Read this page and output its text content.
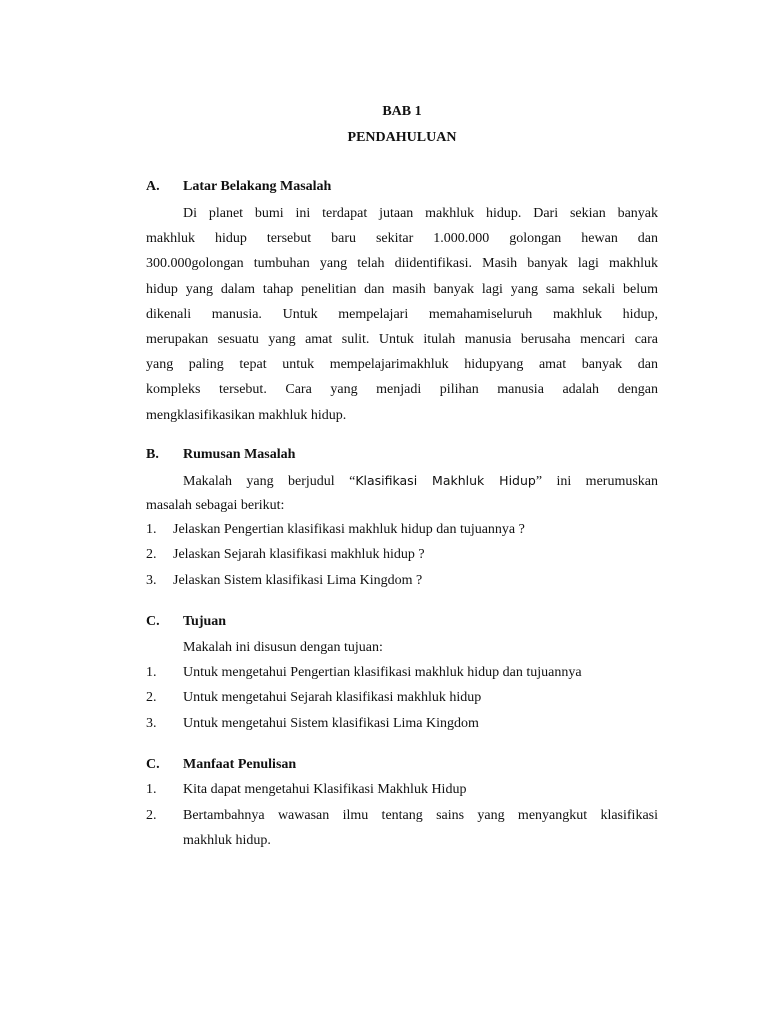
BAB 1
PENDAHULUAN
A. Latar Belakang Masalah
Di planet bumi ini terdapat jutaan makhluk hidup. Dari sekian banyak
makhluk hidup tersebut baru sekitar 1.000.000 golongan hewan dan
300.000golongan tumbuhan yang telah diidentifikasi. Masih banyak lagi makhluk
hidup yang dalam tahap penelitian dan masih banyak lagi yang sama sekali belum
dikenali manusia. Untuk mempelajari memahamiseluruh makhluk hidup,
merupakan sesuatu yang amat sulit. Untuk itulah manusia berusaha mencari cara
yang paling tepat untuk mempelajarimakhluk hidupyang amat banyak dan
kompleks tersebut. Cara yang menjadi pilihan manusia adalah dengan
mengklasifikasikan makhluk hidup.
B. Rumusan Masalah
Makalah yang berjudul “Klasifikasi Makhluk Hidup” ini merumuskan
masalah sebagai berikut:
1. Jelaskan Pengertian klasifikasi makhluk hidup dan tujuannya ?
2. Jelaskan Sejarah klasifikasi makhluk hidup ?
3. Jelaskan Sistem klasifikasi Lima Kingdom ?
C. Tujuan
Makalah ini disusun dengan tujuan:
1. Untuk mengetahui Pengertian klasifikasi makhluk hidup dan tujuannya
2. Untuk mengetahui Sejarah klasifikasi makhluk hidup
3. Untuk mengetahui Sistem klasifikasi Lima Kingdom
C. Manfaat Penulisan
1. Kita dapat mengetahui Klasifikasi Makhluk Hidup
2. Bertambahnya wawasan ilmu tentang sains yang menyangkut klasifikasi
makhluk hidup.
